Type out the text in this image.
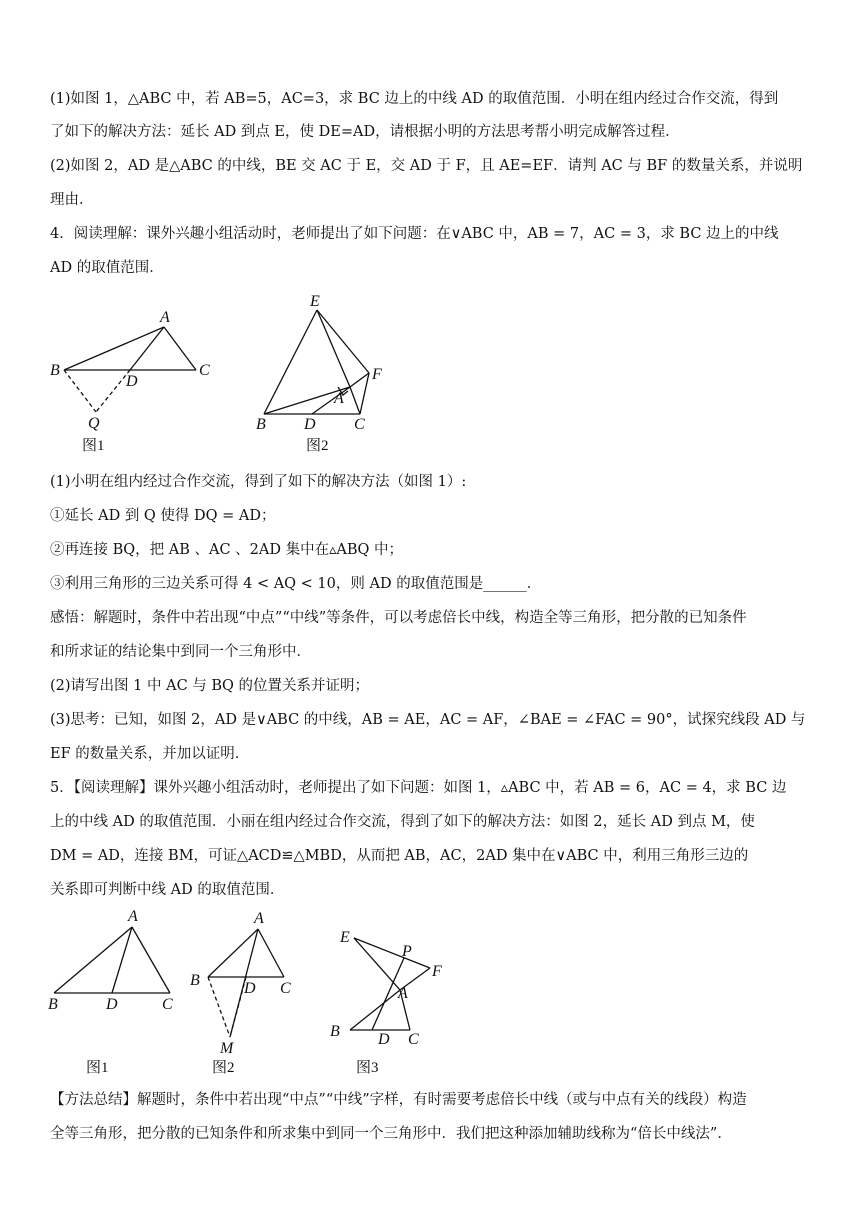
(1)如图 1，△ABC 中，若 AB=5，AC=3，求 BC 边上的中线 AD 的取值范围．小明在组内经过合作交流，得到
了如下的解决方法：延长 AD 到点 E，使 DE=AD，请根据小明的方法思考帮小明完成解答过程．
(2)如图 2，AD 是△ABC 的中线，BE 交 AC 于 E，交 AD 于 F，且 AE=EF．请判 AC 与 BF 的数量关系，并说明
理由．
4．阅读理解：课外兴趣小组活动时，老师提出了如下问题：在∨ABC 中，AB = 7，AC = 3，求 BC 边上的中线
AD 的取值范围．
A
B	C
D
Q
图1
E
F
A
B D C
图2
(1)小明在组内经过合作交流，得到了如下的解决方法（如图 1）:
①延长 AD 到 Q 使得 DQ = AD；
②再连接 BQ，把 AB 、AC 、2AD 集中在▵ABQ 中；
③利用三角形的三边关系可得 4 < AQ < 10，则 AD 的取值范围是______．
感悟：解题时，条件中若出现“中点”“中线”等条件，可以考虑倍长中线，构造全等三角形，把分散的已知条件
和所求证的结论集中到同一个三角形中．
(2)请写出图 1 中 AC 与 BQ 的位置关系并证明；
(3)思考：已知，如图 2，AD 是∨ABC 的中线，AB = AE，AC = AF，∠BAE = ∠FAC = 90°，试探究线段 AD 与
EF 的数量关系，并加以证明．
5．【阅读理解】课外兴趣小组活动时，老师提出了如下问题：如图 1，▵ABC 中，若 AB = 6，AC = 4，求 BC 边
上的中线 AD 的取值范围．小丽在组内经过合作交流，得到了如下的解决方法：如图 2，延长 AD 到点 M，使
DM = AD，连接 BM，可证△ACD≌△MBD，从而把 AB，AC，2AD 集中在∨ABC 中，利用三角形三边的
关系即可判断中线 AD 的取值范围．
A
B	D	C
图1
A
B	D C
M
图2
E
P
F
A
B D C
图3
【方法总结】解题时，条件中若出现“中点”“中线”字样，有时需要考虑倍长中线（或与中点有关的线段）构造
全等三角形，把分散的已知条件和所求集中到同一个三角形中．我们把这种添加辅助线称为“倍长中线法”．
